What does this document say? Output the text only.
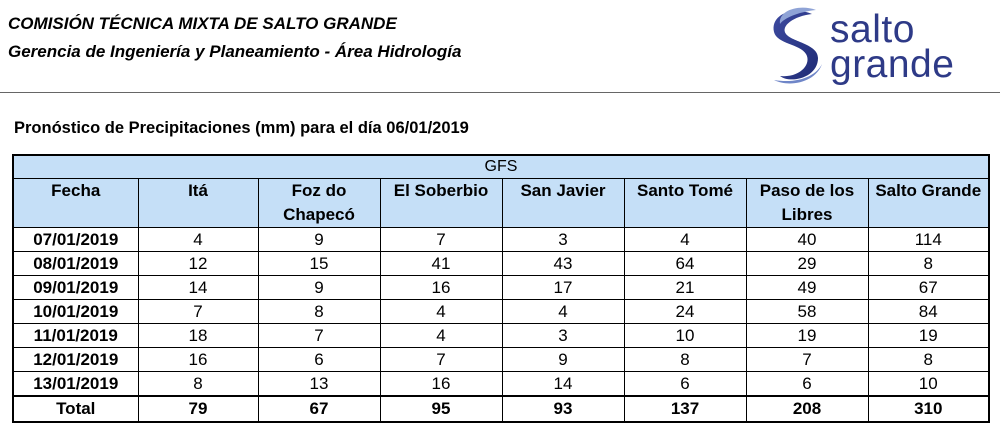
COMISIÓN TÉCNICA MIXTA DE SALTO GRANDE
Gerencia de Ingeniería y Planeamiento - Área Hidrología
salto
grande
Pronóstico de Precipitaciones (mm) para el día 06/01/2019
GFS							

Fecha	Itá	Foz do Chapecó	El Soberbio	San Javier	Santo Tomé	Paso de los Libres	Salto Grande

07/01/2019	4	9	7	3	4	40	114
08/01/2019	12	15	41	43	64	29	8
09/01/2019	14	9	16	17	21	49	67
10/01/2019	7	8	4	4	24	58	84
11/01/2019	18	7	4	3	10	19	19
12/01/2019	16	6	7	9	8	7	8
13/01/2019	8	13	16	14	6	6	10
Total	79	67	95	93	137	208	310
